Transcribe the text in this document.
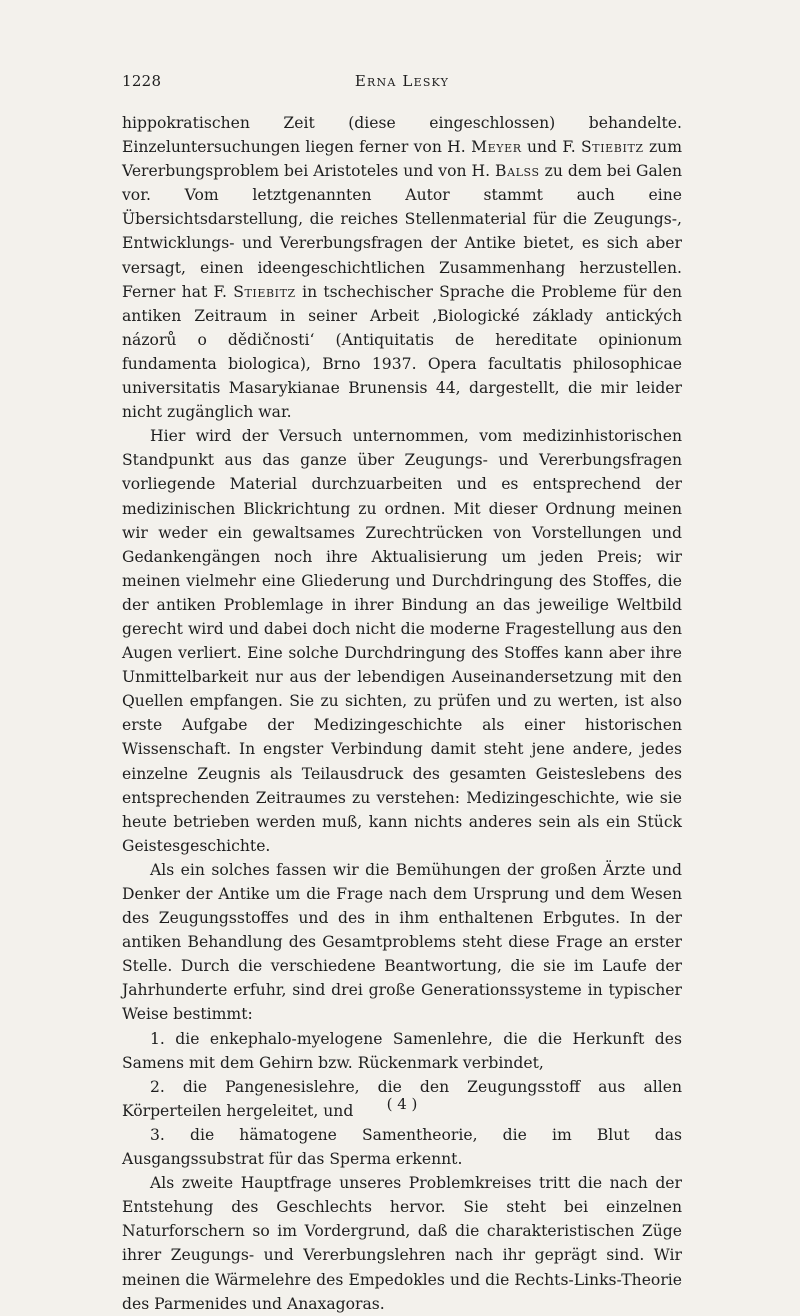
1228	Erna Lesky

hippokratischen Zeit (diese eingeschlossen) behandelte. Einzeluntersuchungen liegen ferner von H. Meyer und F. Stiebitz zum Vererbungsproblem bei Aristoteles und von H. Balss zu dem bei Galen vor. Vom letztgenannten Autor stammt auch eine Übersichtsdarstellung, die reiches Stellenmaterial für die Zeugungs-, Entwicklungs- und Vererbungsfragen der Antike bietet, es sich aber versagt, einen ideengeschichtlichen Zusammenhang herzustellen. Ferner hat F. Stiebitz in tschechischer Sprache die Probleme für den antiken Zeitraum in seiner Arbeit ‚Biologické základy antických názorů o dědičnosti‘ (Antiquitatis de hereditate opinionum fundamenta biologica), Brno 1937. Opera facultatis philosophicae universitatis Masarykianae Brunensis 44, dargestellt, die mir leider nicht zugänglich war.

Hier wird der Versuch unternommen, vom medizinhistorischen Standpunkt aus das ganze über Zeugungs- und Vererbungsfragen vorliegende Material durchzuarbeiten und es entsprechend der medizinischen Blickrichtung zu ordnen. Mit dieser Ordnung meinen wir weder ein gewaltsames Zurechtrücken von Vorstellungen und Gedankengängen noch ihre Aktualisierung um jeden Preis; wir meinen vielmehr eine Gliederung und Durchdringung des Stoffes, die der antiken Problemlage in ihrer Bindung an das jeweilige Weltbild gerecht wird und dabei doch nicht die moderne Fragestellung aus den Augen verliert. Eine solche Durchdringung des Stoffes kann aber ihre Unmittelbarkeit nur aus der lebendigen Auseinandersetzung mit den Quellen empfangen. Sie zu sichten, zu prüfen und zu werten, ist also erste Aufgabe der Medizingeschichte als einer historischen Wissenschaft. In engster Verbindung damit steht jene andere, jedes einzelne Zeugnis als Teilausdruck des gesamten Geisteslebens des entsprechenden Zeitraumes zu verstehen: Medizingeschichte, wie sie heute betrieben werden muß, kann nichts anderes sein als ein Stück Geistesgeschichte.

Als ein solches fassen wir die Bemühungen der großen Ärzte und Denker der Antike um die Frage nach dem Ursprung und dem Wesen des Zeugungsstoffes und des in ihm enthaltenen Erbgutes. In der antiken Behandlung des Gesamtproblems steht diese Frage an erster Stelle. Durch die verschiedene Beantwortung, die sie im Laufe der Jahrhunderte erfuhr, sind drei große Generationssysteme in typischer Weise bestimmt:

1. die enkephalo-myelogene Samenlehre, die die Herkunft des Samens mit dem Gehirn bzw. Rückenmark verbindet,

2. die Pangenesislehre, die den Zeugungsstoff aus allen Körperteilen hergeleitet, und

3. die hämatogene Samentheorie, die im Blut das Ausgangssubstrat für das Sperma erkennt.

Als zweite Hauptfrage unseres Problemkreises tritt die nach der Entstehung des Geschlechts hervor. Sie steht bei einzelnen Naturforschern so im Vordergrund, daß die charakteristischen Züge ihrer Zeugungs- und Vererbungslehren nach ihr geprägt sind. Wir meinen die Wärmelehre des Empedokles und die Rechts-Links-Theorie des Parmenides und Anaxagoras.

( 4 )
